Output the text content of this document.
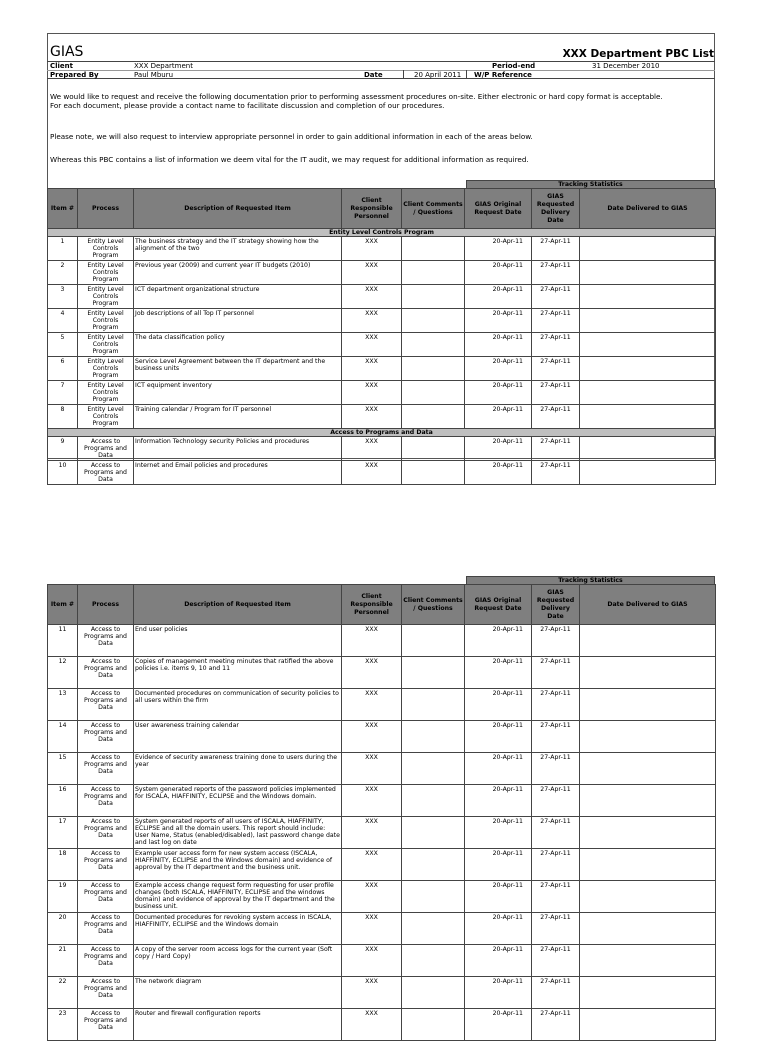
GIAS	XXX Department PBC List
Client	XXX Department	Period-end	31 December 2010
Prepared By	Paul Mburu	Date	20 April 2011 W/P Reference
We would like to request and receive the following documentation prior to performing assessment procedures on-site. Either electronic or hard copy format is acceptable.
For each document, please provide a contact name to facilitate discussion and completion of our procedures.
Please note, we will also request to interview appropriate personnel in order to gain additional information in each of the areas below.
Whereas this PBC contains a list of information we deem vital for the IT audit, we may request for additional information as required.
Tracking Statistics
Item #	Process	Description of Requested Item	Client Responsible Personnel	Client Comments / Questions	GIAS Original Request Date	GIAS Requested Delivery Date	Date Delivered to GIAS
Entity Level Controls Program							
1	Entity Level Controls Program	The business strategy and the IT strategy showing how the alignment of the two	XXX		20-Apr-11	27-Apr-11	
2	Entity Level Controls Program	Previous year (2009) and current year IT budgets (2010)	XXX		20-Apr-11	27-Apr-11	
3	Entity Level Controls Program	ICT department organizational structure	XXX		20-Apr-11	27-Apr-11	
4	Entity Level Controls Program	Job descriptions of all Top IT personnel	XXX		20-Apr-11	27-Apr-11	
5	Entity Level Controls Program	The data classification policy	XXX		20-Apr-11	27-Apr-11	
6	Entity Level Controls Program	Service Level Agreement between the IT department and the business units	XXX		20-Apr-11	27-Apr-11	
7	Entity Level Controls Program	ICT equipment inventory	XXX		20-Apr-11	27-Apr-11	
8	Entity Level Controls Program	Training calendar / Program for IT personnel	XXX		20-Apr-11	27-Apr-11	
Access to Programs and Data							
9	Access to Programs and Data	Information Technology security Policies and procedures	XXX		20-Apr-11	27-Apr-11	
10	Access to Programs and Data	Internet and Email policies and procedures	XXX		20-Apr-11	27-Apr-11	
Tracking Statistics
Item #	Process	Description of Requested Item	Client Responsible Personnel	Client Comments / Questions	GIAS Original Request Date	GIAS Requested Delivery Date	Date Delivered to GIAS
11	Access to Programs and Data	End user policies	XXX		20-Apr-11	27-Apr-11	
12	Access to Programs and Data	Copies of management meeting minutes that ratified the above policies i.e. items 9, 10 and 11	XXX		20-Apr-11	27-Apr-11	
13	Access to Programs and Data	Documented procedures on communication of security policies to all users within the firm	XXX		20-Apr-11	27-Apr-11	
14	Access to Programs and Data	User awareness training calendar	XXX		20-Apr-11	27-Apr-11	
15	Access to Programs and Data	Evidence of security awareness training done to users during the year	XXX		20-Apr-11	27-Apr-11	
16	Access to Programs and Data	System generated reports of the password policies implemented for ISCALA, HIAFFINITY, ECLIPSE and the Windows domain.	XXX		20-Apr-11	27-Apr-11	
17	Access to Programs and Data	System generated reports of all users of ISCALA, HIAFFINITY, ECLIPSE and all the domain users. This report should include: User Name, Status (enabled/disabled), last password change date and last log on date	XXX		20-Apr-11	27-Apr-11	
18	Access to Programs and Data	Example user access form for new system access (ISCALA, HIAFFINITY, ECLIPSE and the Windows domain) and evidence of approval by the IT department and the business unit.	XXX		20-Apr-11	27-Apr-11	
19	Access to Programs and Data	Example access change request form requesting for user profile changes (both ISCALA, HIAFFINITY, ECLIPSE and the windows domain) and evidence of approval by the IT department and the business unit.	XXX		20-Apr-11	27-Apr-11	
20	Access to Programs and Data	Documented procedures for revoking system access in ISCALA, HIAFFINITY, ECLIPSE and the Windows domain	XXX		20-Apr-11	27-Apr-11	
21	Access to Programs and Data	A copy of the server room access logs for the current year (Soft copy / Hard Copy)	XXX		20-Apr-11	27-Apr-11	
22	Access to Programs and Data	The network diagram	XXX		20-Apr-11	27-Apr-11	
23	Access to Programs and Data	Router and firewall configuration reports	XXX		20-Apr-11	27-Apr-11	
